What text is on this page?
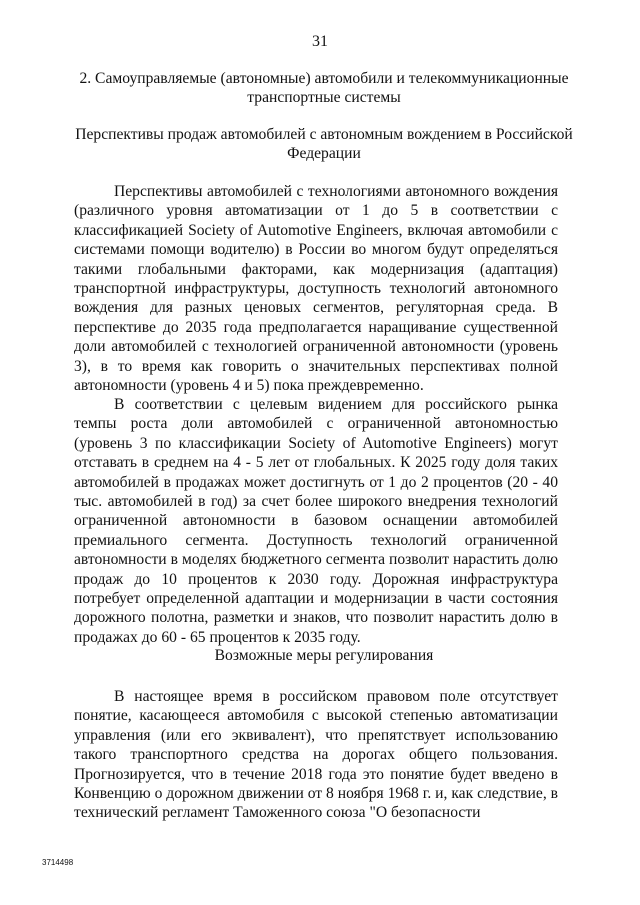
31
2. Самоуправляемые (автономные) автомобили и телекоммуникационные транспортные системы
Перспективы продаж автомобилей с автономным вождением в Российской Федерации

Перспективы автомобилей с технологиями автономного вождения (различного уровня автоматизации от 1 до 5 в соответствии с классификацией Society of Automotive Engineers, включая автомобили с системами помощи водителю) в России во многом будут определяться такими глобальными факторами, как модернизация (адаптация) транспортной инфраструктуры, доступность технологий автономного вождения для разных ценовых сегментов, регуляторная среда. В перспективе до 2035 года предполагается наращивание существенной доли автомобилей с технологией ограниченной автономности (уровень 3), в то время как говорить о значительных перспективах полной автономности (уровень 4 и 5) пока преждевременно.

В соответствии с целевым видением для российского рынка темпы роста доли автомобилей с ограниченной автономностью (уровень 3 по классификации Society of Automotive Engineers) могут отставать в среднем на 4 - 5 лет от глобальных. К 2025 году доля таких автомобилей в продажах может достигнуть от 1 до 2 процентов (20 - 40 тыс. автомобилей в год) за счет более широкого внедрения технологий ограниченной автономности в базовом оснащении автомобилей премиального сегмента. Доступность технологий ограниченной автономности в моделях бюджетного сегмента позволит нарастить долю продаж до 10 процентов к 2030 году. Дорожная инфраструктура потребует определенной адаптации и модернизации в части состояния дорожного полотна, разметки и знаков, что позволит нарастить долю в продажах до 60 - 65 процентов к 2035 году.

Возможные меры регулирования

В настоящее время в российском правовом поле отсутствует понятие, касающееся автомобиля с высокой степенью автоматизации управления (или его эквивалент), что препятствует использованию такого транспортного средства на дорогах общего пользования. Прогнозируется, что в течение 2018 года это понятие будет введено в Конвенцию о дорожном движении от 8 ноября 1968 г. и, как следствие, в технический регламент Таможенного союза "О безопасности

3714498
